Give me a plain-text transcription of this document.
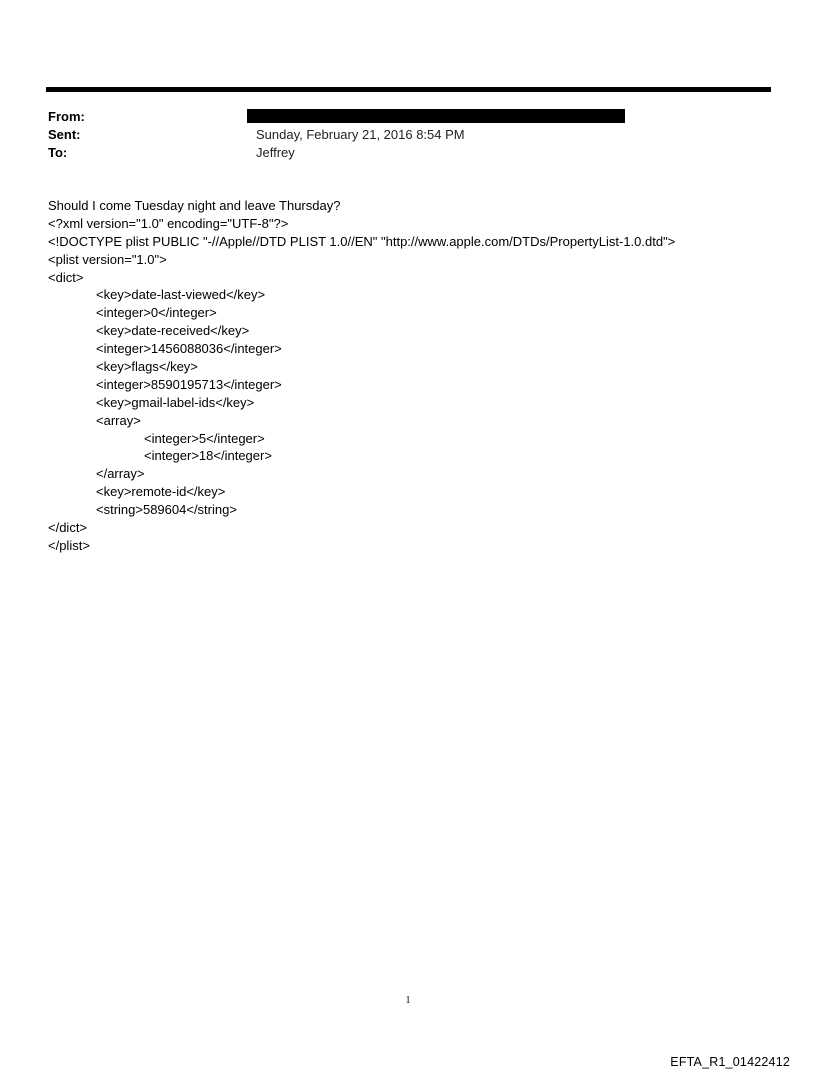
From:
Sent:	Sunday, February 21, 2016 8:54 PM
To:	Jeffrey
Should I come Tuesday night and leave Thursday?
<?xml version="1.0" encoding="UTF-8"?>
<!DOCTYPE plist PUBLIC "-//Apple//DTD PLIST 1.0//EN" "http://www.apple.com/DTDs/PropertyList-1.0.dtd">
<plist version="1.0">
<dict>
<key>date-last-viewed</key>
<integer>0</integer>
<key>date-received</key>
<integer>1456088036</integer>
<key>flags</key>
<integer>8590195713</integer>
<key>gmail-label-ids</key>
<array>
<integer>5</integer>
<integer>18</integer>
</array>
<key>remote-id</key>
<string>589604</string>
</dict>
</plist>
1
EFTA_R1_01422412
